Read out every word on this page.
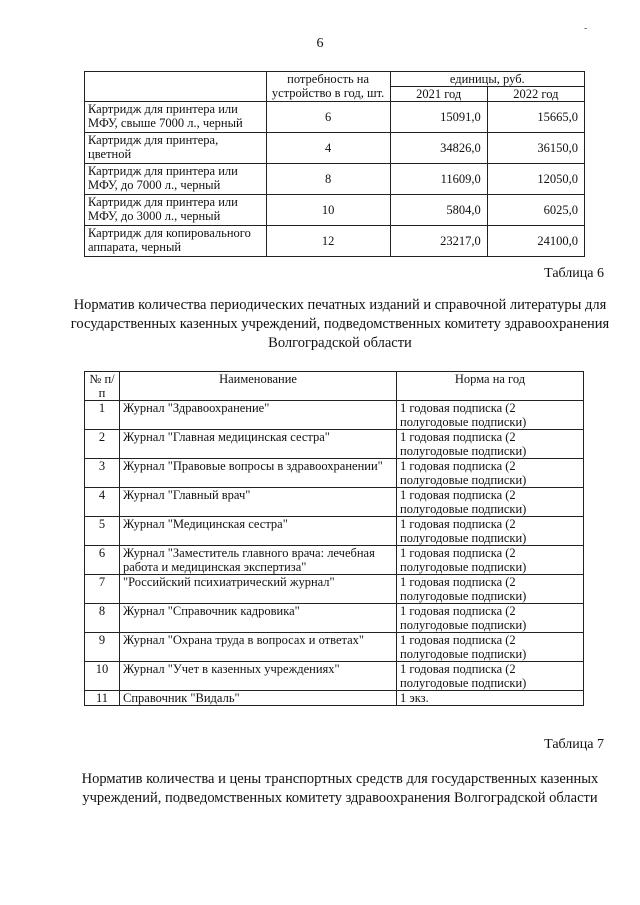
6
-
	потребность на устройство в год, шт.	единицы, руб.	
		2021 год	2022 год
Картридж для принтера или МФУ, свыше 7000 л., черный	6	15091,0	15665,0
Картридж для принтера, цветной	4	34826,0	36150,0
Картридж для принтера или МФУ, до 7000 л., черный	8	11609,0	12050,0
Картридж для принтера или МФУ, до 3000 л., черный	10	5804,0	6025,0
Картридж для копировального аппарата, черный	12	23217,0	24100,0
Таблица 6
Норматив количества периодических печатных изданий и справочной литературы для государственных казенных учреждений, подведомственных комитету здравоохранения Волгоградской области
№ п/п	Наименование	Норма на год
1	Журнал "Здравоохранение"	1 годовая подписка (2 полугодовые подписки)
2	Журнал "Главная медицинская сестра"	1 годовая подписка (2 полугодовые подписки)
3	Журнал "Правовые вопросы в здравоохранении"	1 годовая подписка (2 полугодовые подписки)
4	Журнал "Главный врач"	1 годовая подписка (2 полугодовые подписки)
5	Журнал "Медицинская сестра"	1 годовая подписка (2 полугодовые подписки)
6	Журнал "Заместитель главного врача: лечебная работа и медицинская экспертиза"	1 годовая подписка (2 полугодовые подписки)
7	"Российский психиатрический журнал"	1 годовая подписка (2 полугодовые подписки)
8	Журнал "Справочник кадровика"	1 годовая подписка (2 полугодовые подписки)
9	Журнал "Охрана труда в вопросах и ответах"	1 годовая подписка (2 полугодовые подписки)
10	Журнал "Учет в казенных учреждениях"	1 годовая подписка (2 полугодовые подписки)
11	Справочник "Видаль"	1 экз.
Таблица 7
Норматив количества и цены транспортных средств для государственных казенных учреждений, подведомственных комитету здравоохранения Волгоградской области
